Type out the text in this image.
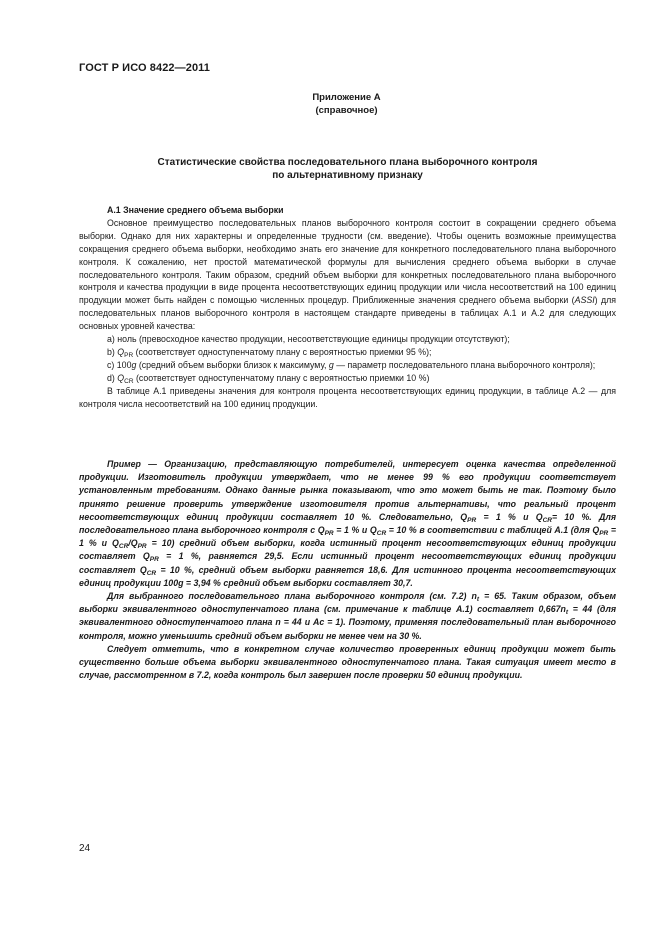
ГОСТ Р ИСО 8422—2011
Приложение А
(справочное)
Статистические свойства последовательного плана выборочного контроля
по альтернативному признаку

А.1 Значение среднего объема выборки

Основное преимущество последовательных планов выборочного контроля состоит в сокращении среднего объема выборки. Однако для них характерны и определенные трудности (см. введение). Чтобы оценить возможные преимущества сокращения среднего объема выборки, необходимо знать его значение для конкретного последовательного плана выборочного контроля. К сожалению, нет простой математической формулы для вычисления среднего объема выборки в случае последовательного контроля. Таким образом, средний объем выборки для конкретных последовательного плана выборочного контроля и качества продукции в виде процента несоответствующих единиц продукции или числа несоответствий на 100 единиц продукции может быть найден с помощью численных процедур. Приближенные значения среднего объема выборки (ASSI) для последовательных планов выборочного контроля в настоящем стандарте приведены в таблицах А.1 и А.2 для следующих основных уровней качества:

a) ноль (превосходное качество продукции, несоответствующие единицы продукции отсутствуют);

b) $Q_{PR}$ (соответствует одноступенчатому плану с вероятностью приемки 95 %);

c) 100g (средний объем выборки близок к максимуму, g — параметр последовательного плана выборочного контроля);

d) $Q_{CR}$ (соответствует одноступенчатому плану с вероятностью приемки 10 %)

В таблице А.1 приведены значения для контроля процента несоответствующих единиц продукции, в таблице А.2 — для контроля числа несоответствий на 100 единиц продукции.

Пример — Организацию, представляющую потребителей, интересует оценка качества определенной продукции. Изготовитель продукции утверждает, что не менее 99 % его продукции соответствует установленным требованиям. Однако данные рынка показывают, что это может быть не так. Поэтому было принято решение проверить утверждение изготовителя против альтернативы, что реальный процент несоответствующих единиц продукции составляет 10 %. Следовательно, $Q_{PR} = 1$ % и $Q_{CR}= 10$ %. Для последовательного плана выборочного контроля с $Q_{PR} = 1$ % и $Q_{CR} = 10$ % в соответствии с таблицей А.1 (для $Q_{PR} = 1$ % и $Q_{CR}/Q_{PR} = 10$) средний объем выборки, когда истинный процент несоответствующих единиц продукции составляет $Q_{PR} = 1$ %, равняется 29,5. Если истинный процент несоответствующих единиц продукции составляет $Q_{CR} = 10$ %, средний объем выборки равняется 18,6. Для истинного процента несоответствующих единиц продукции 100g = 3,94 % средний объем выборки составляет 30,7.

Для выбранного последовательного плана выборочного контроля (см. 7.2) $n_t = 65$. Таким образом, объем выборки эквивалентного одноступенчатого плана (см. примечание к таблице А.1) составляет $0,667n_t = 44$ (для эквивалентного одноступенчатого плана n = 44 и Ac = 1). Поэтому, применяя последовательный план выборочного контроля, можно уменьшить средний объем выборки не менее чем на 30 %.

Следует отметить, что в конкретном случае количество проверенных единиц продукции может быть существенно больше объема выборки эквивалентного одноступенчатого плана. Такая ситуация имеет место в случае, рассмотренном в 7.2, когда контроль был завершен после проверки 50 единиц продукции.

24
